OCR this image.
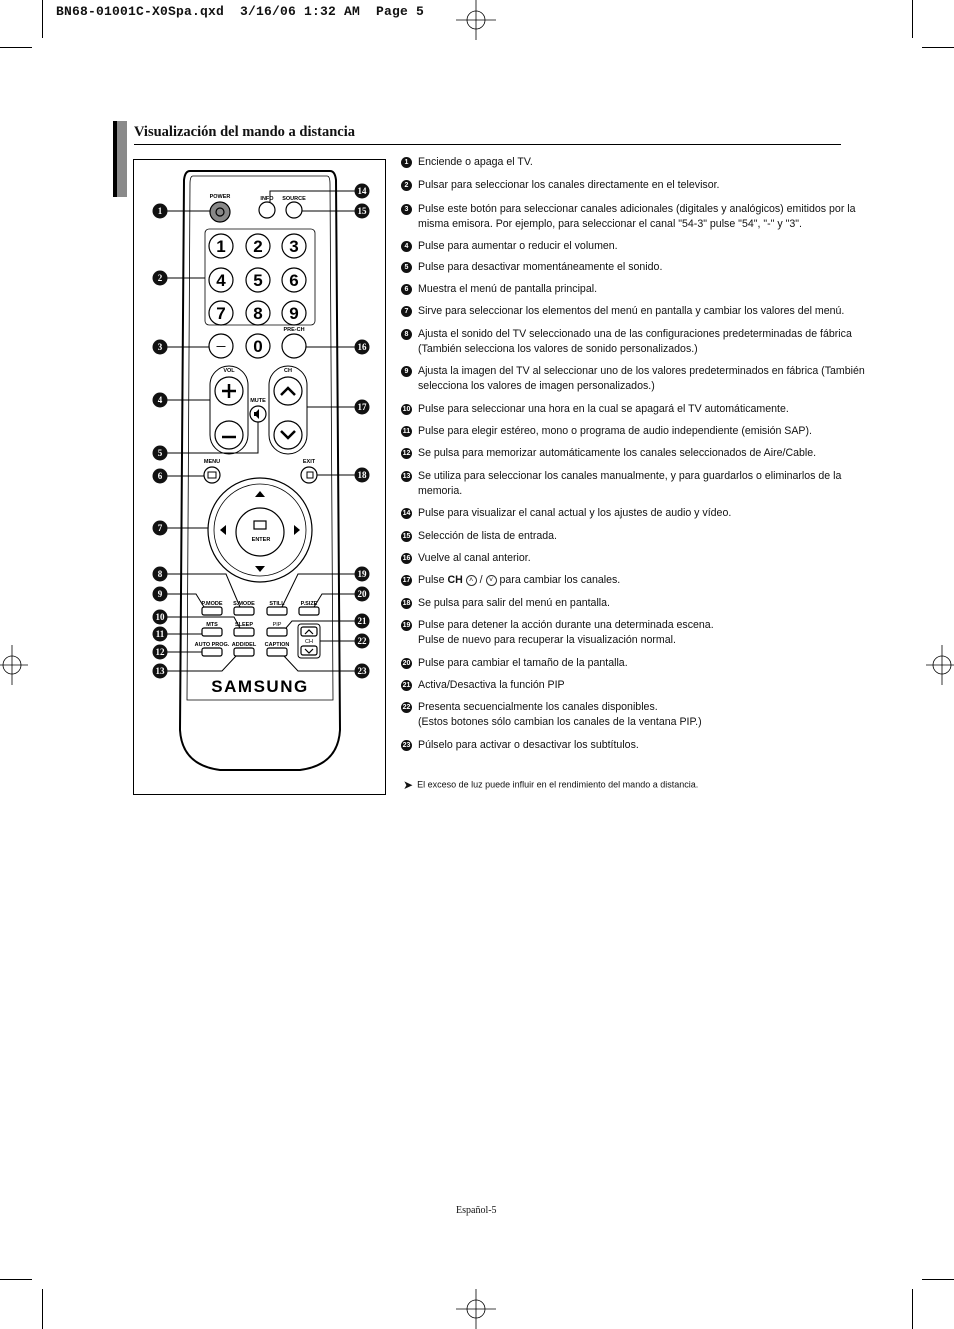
BN68-01001C-X0Spa.qxd  3/16/06 1:32 AM  Page 5
Visualización del mando a distancia
POWER	INFO SOURCE
1 2 3
4 5 6
7 8 9
— 0
PRE-CH
VOL	CH
MUTE
MENU	EXIT
ENTER
P.MODE S.MODE	STILL	P.SIZE
MTS	SLEEP	PIP
CH
AUTO PROG. ADD/DEL CAPTION
SAMSUNG
1
2
3
4
5
6
7
8
9
10
11
12
13
14
15
16
17
18
19
20
21
22
23
1 Enciende o apaga el TV.
2 Pulsar para seleccionar los canales directamente en el televisor.
3 Pulse este botón para seleccionar canales adicionales (digitales y analógicos) emitidos por la misma emisora. Por ejemplo, para seleccionar el canal "54-3" pulse "54", "-" y "3".
4 Pulse para aumentar o reducir el volumen.
5 Pulse para desactivar momentáneamente el sonido.
6 Muestra el menú de pantalla principal.
7 Sirve para seleccionar los elementos del menú en pantalla y cambiar los valores del menú.
8 Ajusta el sonido del TV seleccionado una de las configuraciones predeterminadas de fábrica (También selecciona los valores de sonido personalizados.)
9 Ajusta la imagen del TV al seleccionar uno de los valores predeterminados en fábrica (También selecciona los valores de imagen personalizados.)
10 Pulse para seleccionar una hora en la cual se apagará el TV automáticamente.
11 Pulse para elegir estéreo, mono o programa de audio independiente (emisión SAP).
12 Se pulsa para memorizar automáticamente los canales seleccionados de Aire/Cable.
13 Se utiliza para seleccionar los canales manualmente, y para guardarlos o eliminarlos de la memoria.
14 Pulse para visualizar el canal actual y los ajustes de audio y vídeo.
15 Selección de lista de entrada.
16 Vuelve al canal anterior.
17 Pulse CH ˄ / ˅ para cambiar los canales.
18 Se pulsa para salir del menú en pantalla.
19 Pulse para detener la acción durante una determinada escena.
Pulse de nuevo para recuperar la visualización normal.
20 Pulse para cambiar el tamaño de la pantalla.
21 Activa/Desactiva la función PIP
22 Presenta secuencialmente los canales disponibles.
(Estos botones sólo cambian los canales de la ventana PIP.)
23 Púlselo para activar o desactivar los subtítulos.
➤ El exceso de luz puede influir en el rendimiento del mando a distancia.
Español-5
